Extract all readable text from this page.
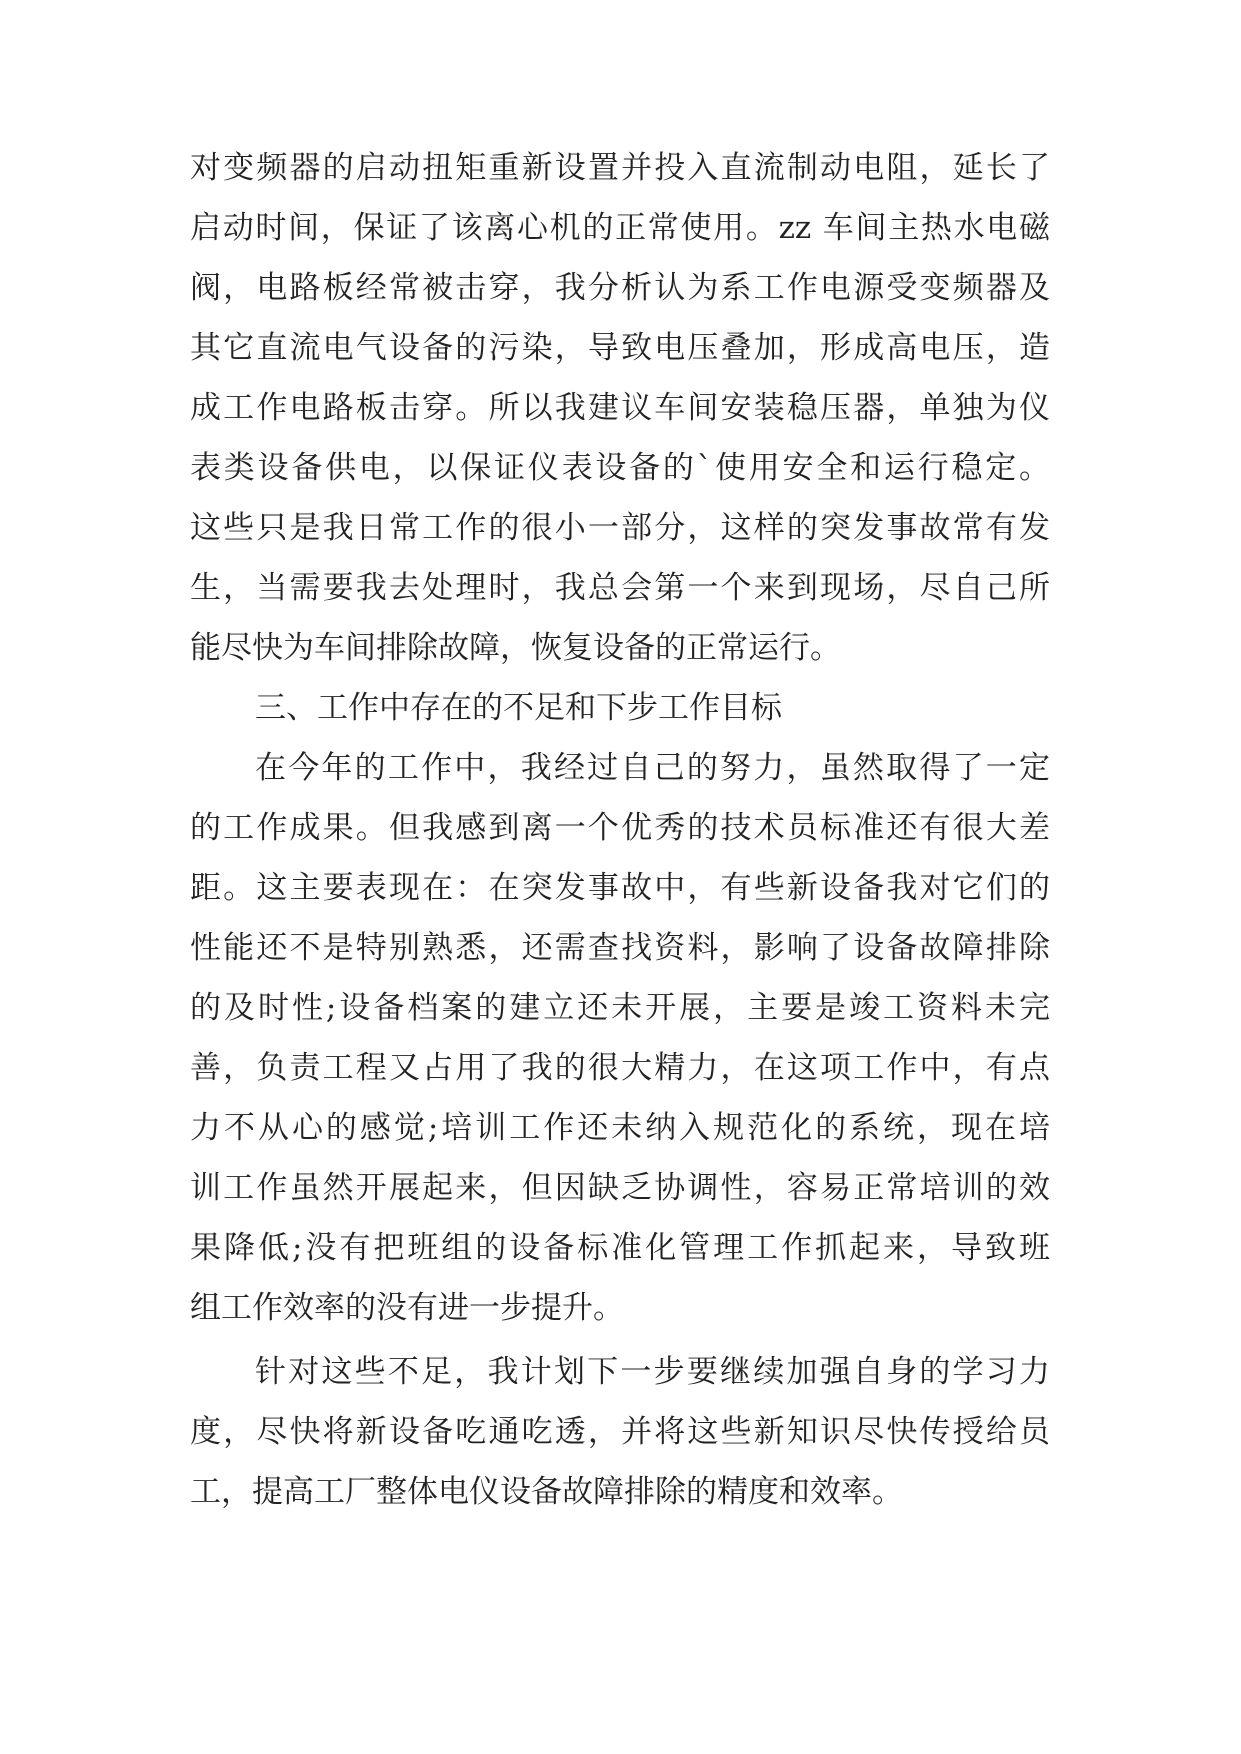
对变频器的启动扭矩重新设置并投入直流制动电阻，延长了
启动时间，保证了该离心机的正常使用。zz 车间主热水电磁
阀，电路板经常被击穿，我分析认为系工作电源受变频器及
其它直流电气设备的污染，导致电压叠加，形成高电压，造
成工作电路板击穿。所以我建议车间安装稳压器，单独为仪
表类设备供电，以保证仪表设备的`使用安全和运行稳定。
这些只是我日常工作的很小一部分，这样的突发事故常有发
生，当需要我去处理时，我总会第一个来到现场，尽自己所
能尽快为车间排除故障，恢复设备的正常运行。
三、工作中存在的不足和下步工作目标
在今年的工作中，我经过自己的努力，虽然取得了一定
的工作成果。但我感到离一个优秀的技术员标准还有很大差
距。这主要表现在：在突发事故中，有些新设备我对它们的
性能还不是特别熟悉，还需查找资料，影响了设备故障排除
的及时性;设备档案的建立还未开展，主要是竣工资料未完
善，负责工程又占用了我的很大精力，在这项工作中，有点
力不从心的感觉;培训工作还未纳入规范化的系统，现在培
训工作虽然开展起来，但因缺乏协调性，容易正常培训的效
果降低;没有把班组的设备标准化管理工作抓起来，导致班
组工作效率的没有进一步提升。
针对这些不足，我计划下一步要继续加强自身的学习力
度，尽快将新设备吃通吃透，并将这些新知识尽快传授给员
工，提高工厂整体电仪设备故障排除的精度和效率。
